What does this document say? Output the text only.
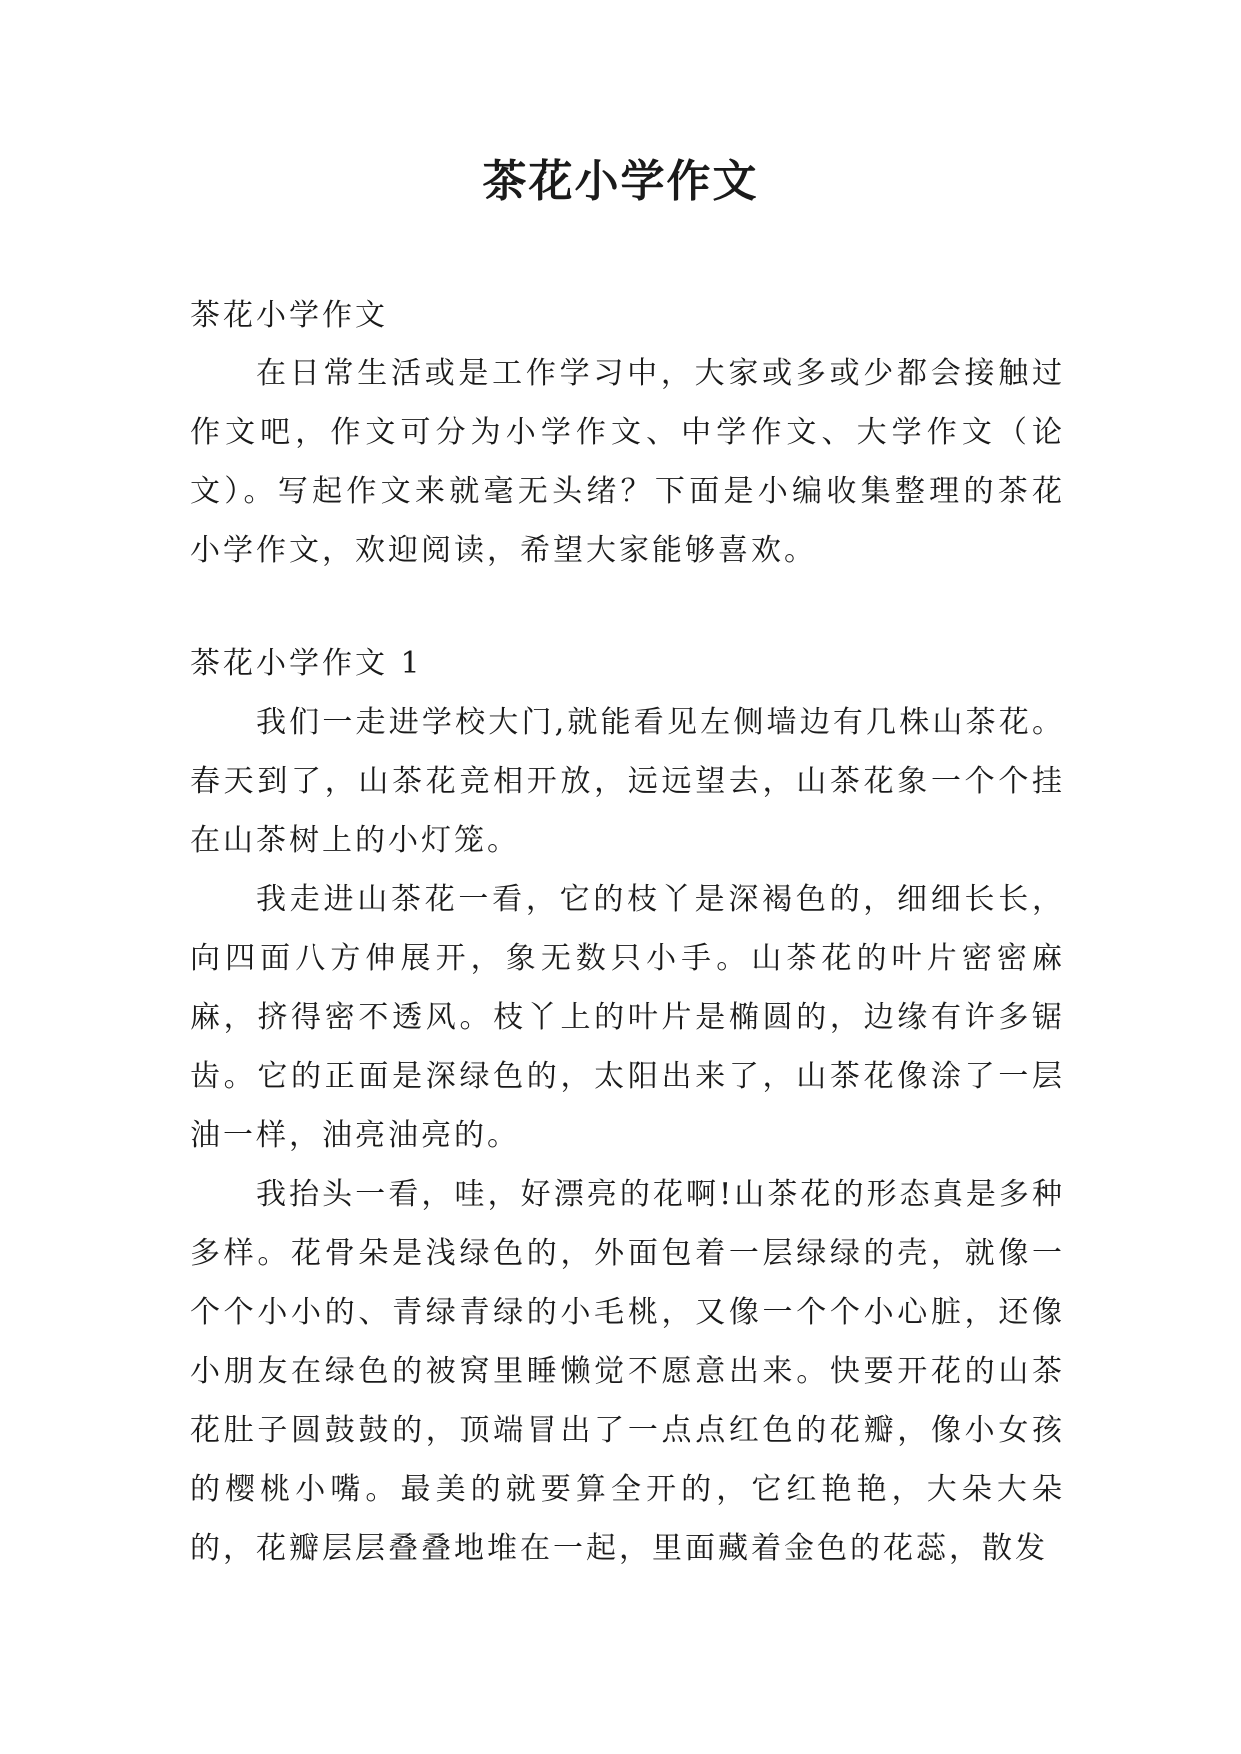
茶花小学作文

茶花小学作文

在日常生活或是工作学习中，大家或多或少都会接触过作文吧，作文可分为小学作文、中学作文、大学作文（论文）。写起作文来就毫无头绪？下面是小编收集整理的茶花小学作文，欢迎阅读，希望大家能够喜欢。

茶花小学作文 1

我们一走进学校大门,就能看见左侧墙边有几株山茶花。春天到了，山茶花竞相开放，远远望去，山茶花象一个个挂在山茶树上的小灯笼。

我走进山茶花一看，它的枝丫是深褐色的，细细长长，向四面八方伸展开，象无数只小手。山茶花的叶片密密麻麻，挤得密不透风。枝丫上的叶片是椭圆的，边缘有许多锯齿。它的正面是深绿色的，太阳出来了，山茶花像涂了一层油一样，油亮油亮的。

我抬头一看，哇，好漂亮的花啊!山茶花的形态真是多种多样。花骨朵是浅绿色的，外面包着一层绿绿的壳，就像一个个小小的、青绿青绿的小毛桃，又像一个个小心脏，还像小朋友在绿色的被窝里睡懒觉不愿意出来。快要开花的山茶花肚子圆鼓鼓的，顶端冒出了一点点红色的花瓣，像小女孩的樱桃小嘴。最美的就要算全开的，它红艳艳，大朵大朵的，花瓣层层叠叠地堆在一起，里面藏着金色的花蕊，散发
